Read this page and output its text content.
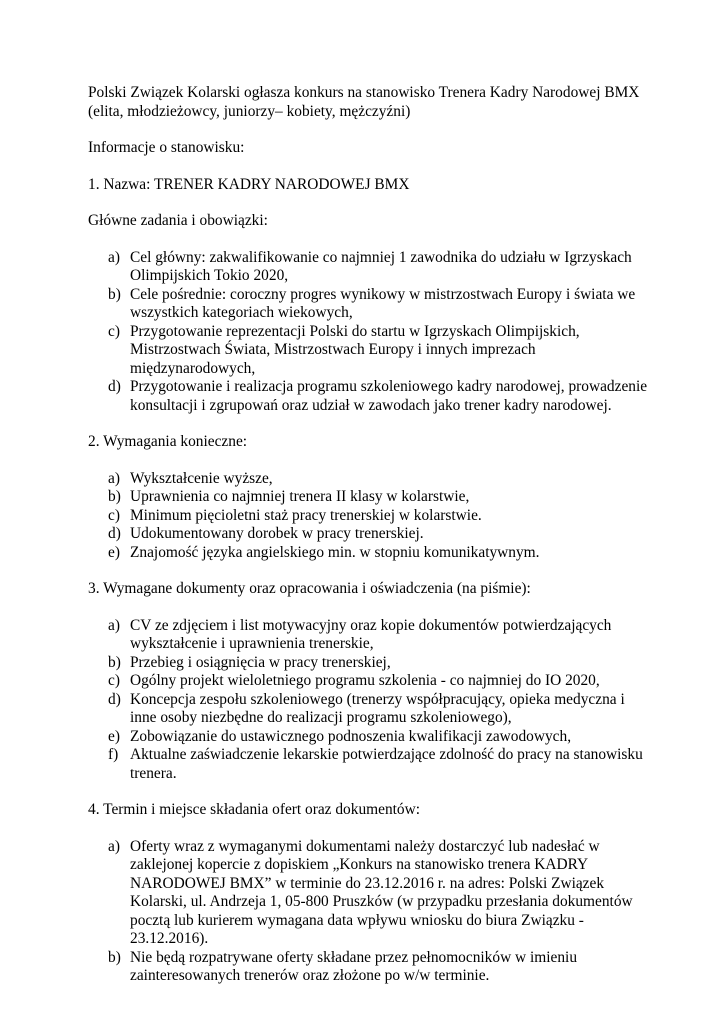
Polski Związek Kolarski ogłasza konkurs na stanowisko Trenera Kadry Narodowej BMX

(elita, młodzieżowcy, juniorzy– kobiety, mężczyźni)

Informacje o stanowisku:

1. Nazwa: TRENER KADRY NARODOWEJ BMX

Główne zadania i obowiązki:

a) Cel główny: zakwalifikowanie co najmniej 1 zawodnika do udziału w Igrzyskach Olimpijskich Tokio 2020,
b) Cele pośrednie: coroczny progres wynikowy w mistrzostwach Europy i świata we wszystkich kategoriach wiekowych,
c) Przygotowanie reprezentacji Polski do startu w Igrzyskach Olimpijskich, Mistrzostwach Świata, Mistrzostwach Europy i innych imprezach międzynarodowych,
d) Przygotowanie i realizacja programu szkoleniowego kadry narodowej, prowadzenie konsultacji i zgrupowań oraz udział w zawodach jako trener kadry narodowej.

2. Wymagania konieczne:

a) Wykształcenie wyższe,
b) Uprawnienia co najmniej trenera II klasy w kolarstwie,
c) Minimum pięcioletni staż pracy trenerskiej w kolarstwie.
d) Udokumentowany dorobek w pracy trenerskiej.
e) Znajomość języka angielskiego min. w stopniu komunikatywnym.

3. Wymagane dokumenty oraz opracowania i oświadczenia (na piśmie):

a) CV ze zdjęciem i list motywacyjny oraz kopie dokumentów potwierdzających wykształcenie i uprawnienia trenerskie,
b) Przebieg i osiągnięcia w pracy trenerskiej,
c) Ogólny projekt wieloletniego programu szkolenia - co najmniej do IO 2020,
d) Koncepcja zespołu szkoleniowego (trenerzy współpracujący, opieka medyczna i inne osoby niezbędne do realizacji programu szkoleniowego),
e) Zobowiązanie do ustawicznego podnoszenia kwalifikacji zawodowych,
f) Aktualne zaświadczenie lekarskie potwierdzające zdolność do pracy na stanowisku trenera.

4. Termin i miejsce składania ofert oraz dokumentów:

a) Oferty wraz z wymaganymi dokumentami należy dostarczyć lub nadesłać w zaklejonej kopercie z dopiskiem „Konkurs na stanowisko trenera KADRY NARODOWEJ BMX” w terminie do 23.12.2016 r. na adres: Polski Związek Kolarski, ul. Andrzeja 1, 05-800 Pruszków (w przypadku przesłania dokumentów pocztą lub kurierem wymagana data wpływu wniosku do biura Związku - 23.12.2016).
b) Nie będą rozpatrywane oferty składane przez pełnomocników w imieniu zainteresowanych trenerów oraz złożone po w/w terminie.
